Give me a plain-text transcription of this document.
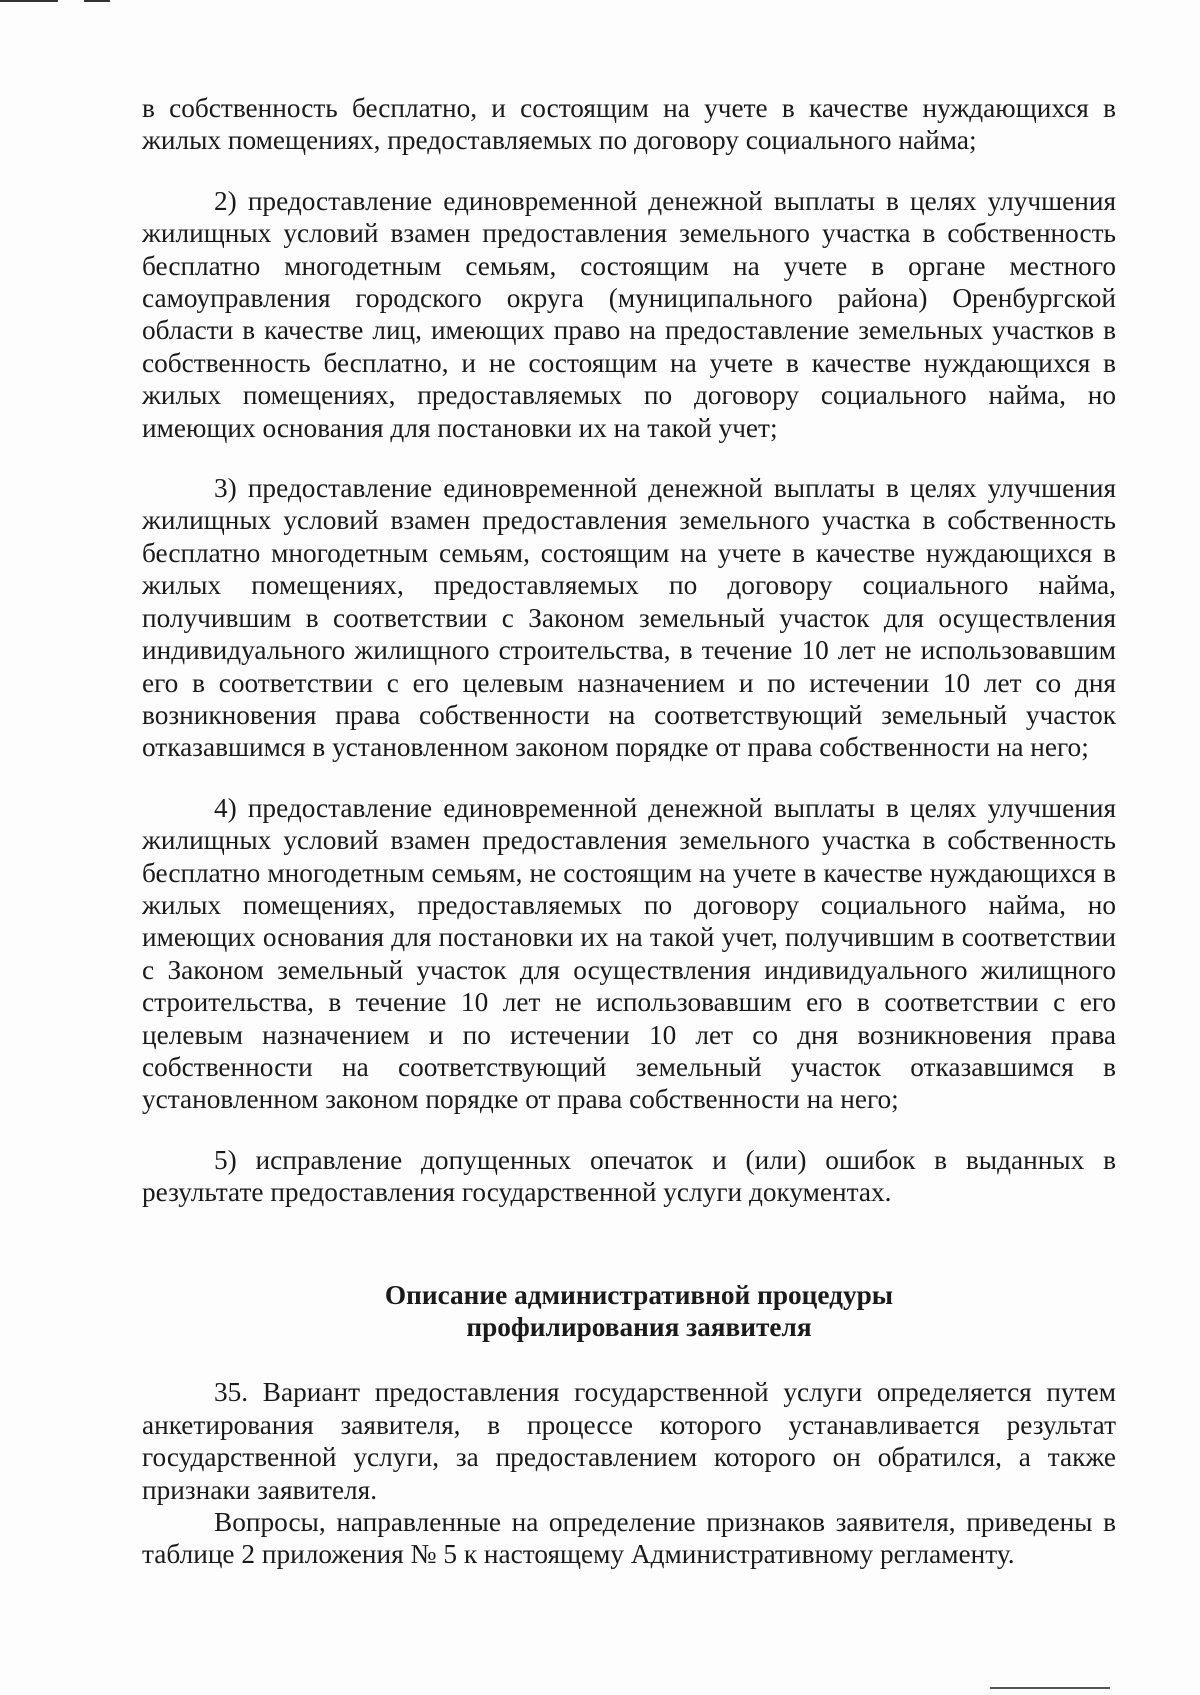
в собственность бесплатно, и состоящим на учете в качестве нуждающихся в жилых помещениях, предоставляемых по договору социального найма;

2) предоставление единовременной денежной выплаты в целях улучшения жилищных условий взамен предоставления земельного участка в собственность бесплатно многодетным семьям, состоящим на учете в органе местного самоуправления городского округа (муниципального района) Оренбургской области в качестве лиц, имеющих право на предоставление земельных участков в собственность бесплатно, и не состоящим на учете в качестве нуждающихся в жилых помещениях, предоставляемых по договору социального найма, но имеющих основания для постановки их на такой учет;

3) предоставление единовременной денежной выплаты в целях улучшения жилищных условий взамен предоставления земельного участка в собственность бесплатно многодетным семьям, состоящим на учете в качестве нуждающихся в жилых помещениях, предоставляемых по договору социального найма, получившим в соответствии с Законом земельный участок для осуществления индивидуального жилищного строительства, в течение 10 лет не использовавшим его в соответствии с его целевым назначением и по истечении 10 лет со дня возникновения права собственности на соответствующий земельный участок отказавшимся в установленном законом порядке от права собственности на него;

4) предоставление единовременной денежной выплаты в целях улучшения жилищных условий взамен предоставления земельного участка в собственность бесплатно многодетным семьям, не состоящим на учете в качестве нуждающихся в жилых помещениях, предоставляемых по договору социального найма, но имеющих основания для постановки их на такой учет, получившим в соответствии с Законом земельный участок для осуществления индивидуального жилищного строительства, в течение 10 лет не использовавшим его в соответствии с его целевым назначением и по истечении 10 лет со дня возникновения права собственности на соответствующий земельный участок отказавшимся в установленном законом порядке от права собственности на него;

5) исправление допущенных опечаток и (или) ошибок в выданных в результате предоставления государственной услуги документах.

Описание административной процедуры

профилирования заявителя

35. Вариант предоставления государственной услуги определяется путем анкетирования заявителя, в процессе которого устанавливается результат государственной услуги, за предоставлением которого он обратился, а также признаки заявителя.

Вопросы, направленные на определение признаков заявителя, приведены в таблице 2 приложения № 5 к настоящему Административному регламенту.
